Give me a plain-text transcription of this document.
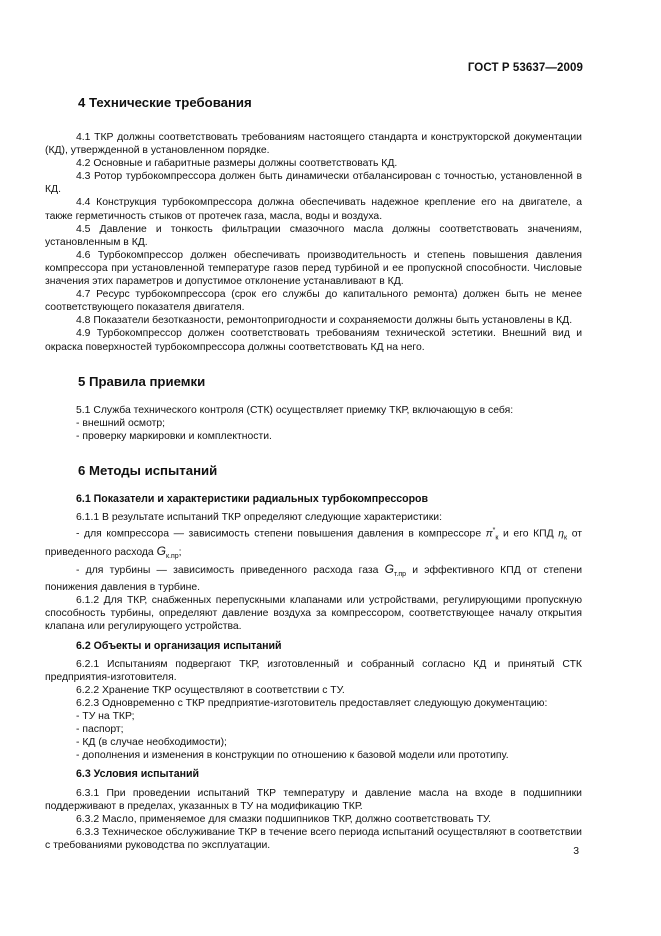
ГОСТ Р 53637—2009
4 Технические требования

4.1 ТКР должны соответствовать требованиям настоящего стандарта и конструкторской документации (КД), утвержденной в установленном порядке.

4.2 Основные и габаритные размеры должны соответствовать КД.

4.3 Ротор турбокомпрессора должен быть динамически отбалансирован с точностью, установленной в КД.

4.4 Конструкция турбокомпрессора должна обеспечивать надежное крепление его на двигателе, а также герметичность стыков от протечек газа, масла, воды и воздуха.

4.5 Давление и тонкость фильтрации смазочного масла должны соответствовать значениям, установленным в КД.

4.6 Турбокомпрессор должен обеспечивать производительность и степень повышения давления компрессора при установленной температуре газов перед турбиной и ее пропускной способности. Числовые значения этих параметров и допустимое отклонение устанавливают в КД.

4.7 Ресурс турбокомпрессора (срок его службы до капитального ремонта) должен быть не менее соответствующего показателя двигателя.

4.8 Показатели безотказности, ремонтопригодности и сохраняемости должны быть установлены в КД.

4.9 Турбокомпрессор должен соответствовать требованиям технической эстетики. Внешний вид и окраска поверхностей турбокомпрессора должны соответствовать КД на него.

5 Правила приемки

5.1 Служба технического контроля (СТК) осуществляет приемку ТКР, включающую в себя:

- внешний осмотр;
- проверку маркировки и комплектности.
6 Методы испытаний
6.1 Показатели и характеристики радиальных турбокомпрессоров

6.1.1 В результате испытаний ТКР определяют следующие характеристики:

- для компрессора — зависимость степени повышения давления в компрессоре $\pi^*_к$ и его КПД $\eta_к$ от приведенного расхода $G_{к.пр}$;

- для турбины — зависимость приведенного расхода газа $G_{т.пр}$ и эффективного КПД от степени понижения давления в турбине.

6.1.2 Для ТКР, снабженных перепускными клапанами или устройствами, регулирующими пропускную способность турбины, определяют давление воздуха за компрессором, соответствующее началу открытия клапана или регулирующего устройства.

6.2 Объекты и организация испытаний

6.2.1 Испытаниям подвергают ТКР, изготовленный и собранный согласно КД и принятый СТК предприятия-изготовителя.

6.2.2 Хранение ТКР осуществляют в соответствии с ТУ.

6.2.3 Одновременно с ТКР предприятие-изготовитель предоставляет следующую документацию:

- ТУ на ТКР;
- паспорт;
- КД (в случае необходимости);
- дополнения и изменения в конструкции по отношению к базовой модели или прототипу.
6.3 Условия испытаний

6.3.1 При проведении испытаний ТКР температуру и давление масла на входе в подшипники поддерживают в пределах, указанных в ТУ на модификацию ТКР.

6.3.2 Масло, применяемое для смазки подшипников ТКР, должно соответствовать ТУ.

6.3.3 Техническое обслуживание ТКР в течение всего периода испытаний осуществляют в соответствии с требованиями руководства по эксплуатации.

3
